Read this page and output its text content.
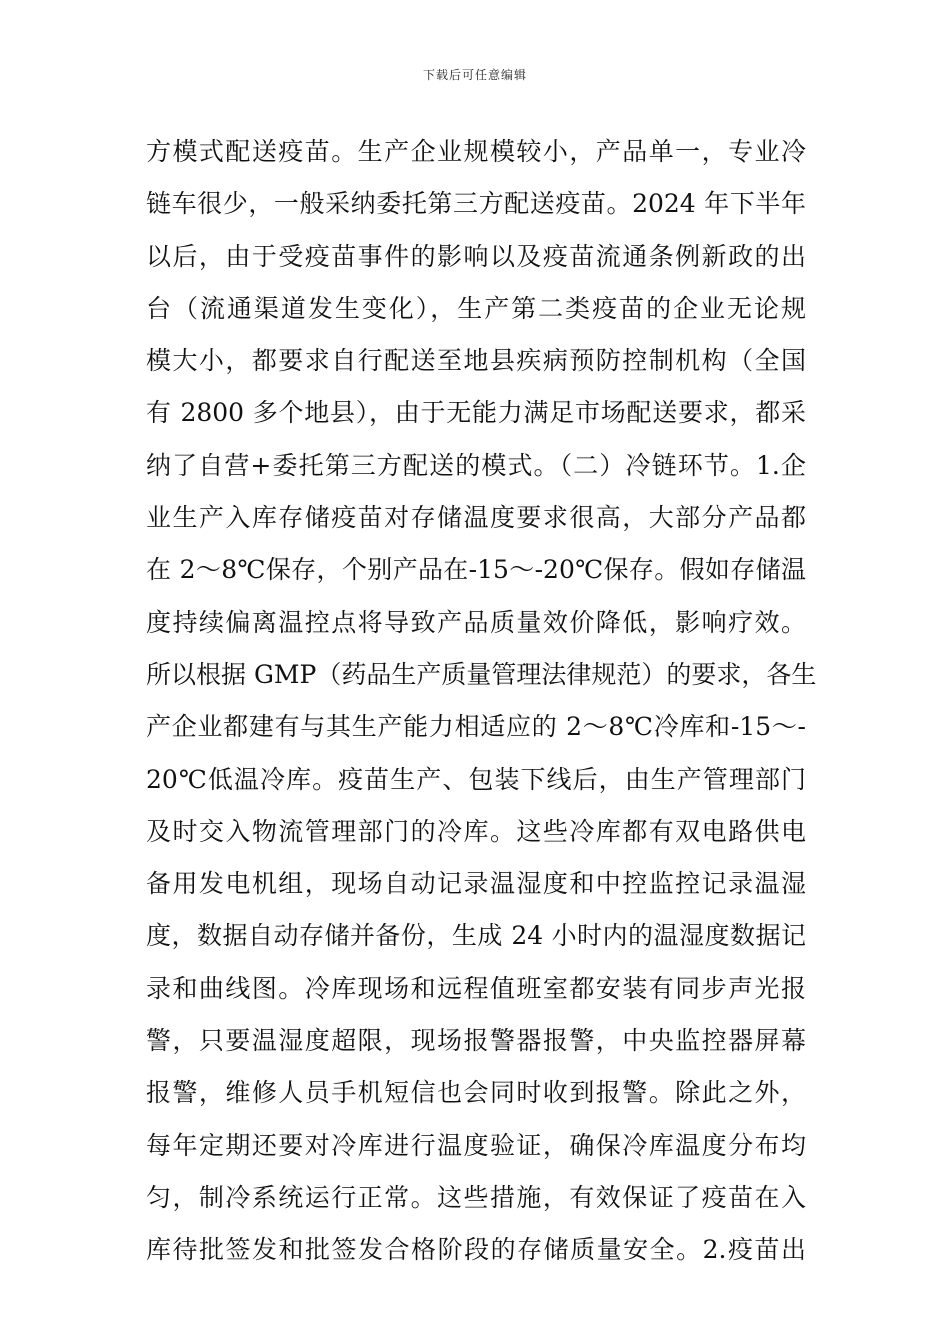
下载后可任意编辑
方模式配送疫苗。生产企业规模较小，产品单一，专业冷
链车很少，一般采纳委托第三方配送疫苗。2024 年下半年
以后，由于受疫苗事件的影响以及疫苗流通条例新政的出
台（流通渠道发生变化），生产第二类疫苗的企业无论规
模大小，都要求自行配送至地县疾病预防控制机构（全国
有 2800 多个地县），由于无能力满足市场配送要求，都采
纳了自营+委托第三方配送的模式。（二）冷链环节。1.企
业生产入库存储疫苗对存储温度要求很高，大部分产品都
在 2～8℃保存，个别产品在-15～-20℃保存。假如存储温
度持续偏离温控点将导致产品质量效价降低，影响疗效。
所以根据 GMP（药品生产质量管理法律规范）的要求，各生
产企业都建有与其生产能力相适应的 2～8℃冷库和-15～-
20℃低温冷库。疫苗生产、包装下线后，由生产管理部门
及时交入物流管理部门的冷库。这些冷库都有双电路供电
备用发电机组，现场自动记录温湿度和中控监控记录温湿
度，数据自动存储并备份，生成 24 小时内的温湿度数据记
录和曲线图。冷库现场和远程值班室都安装有同步声光报
警，只要温湿度超限，现场报警器报警，中央监控器屏幕
报警，维修人员手机短信也会同时收到报警。除此之外，
每年定期还要对冷库进行温度验证，确保冷库温度分布均
匀，制冷系统运行正常。这些措施，有效保证了疫苗在入
库待批签发和批签发合格阶段的存储质量安全。2.疫苗出
